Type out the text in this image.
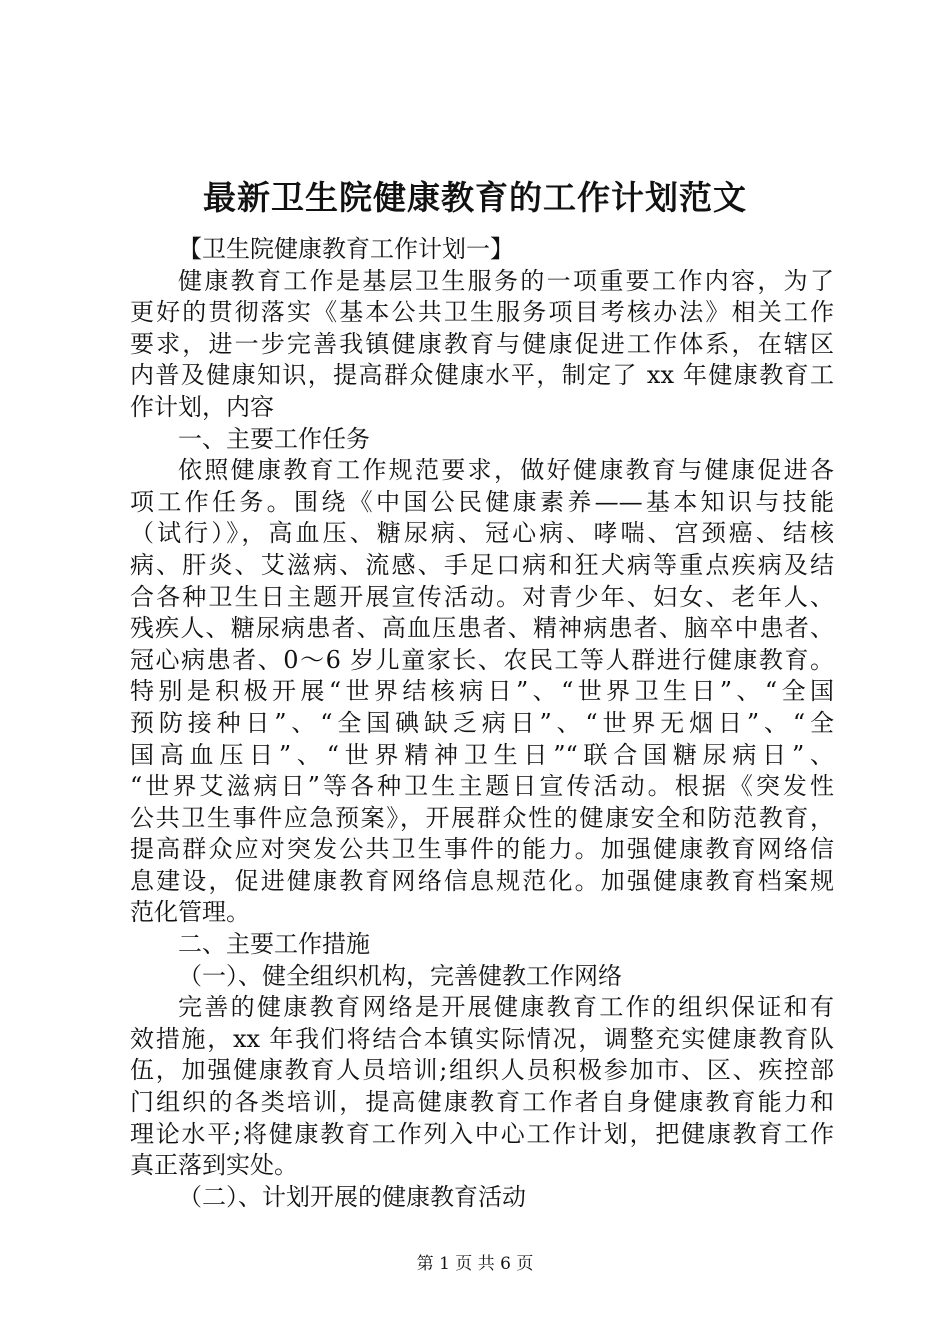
最新卫生院健康教育的工作计划范文
【卫生院健康教育工作计划一】
健康教育工作是基层卫生服务的一项重要工作内容，为了
更好的贯彻落实《基本公共卫生服务项目考核办法》相关工作
要求，进一步完善我镇健康教育与健康促进工作体系，在辖区
内普及健康知识，提高群众健康水平，制定了 xx 年健康教育工
作计划，内容
一、主要工作任务
依照健康教育工作规范要求，做好健康教育与健康促进各
项工作任务。围绕《中国公民健康素养——基本知识与技能
（试行）》，高血压、糖尿病、冠心病、哮喘、宫颈癌、结核
病、肝炎、艾滋病、流感、手足口病和狂犬病等重点疾病及结
合各种卫生日主题开展宣传活动。对青少年、妇女、老年人、
残疾人、糖尿病患者、高血压患者、精神病患者、脑卒中患者、
冠心病患者、0～6 岁儿童家长、农民工等人群进行健康教育。
特别是积极开展“世界结核病日”、“世界卫生日”、“全国
预防接种日”、“全国碘缺乏病日”、“世界无烟日”、“全
国高血压日”、“世界精神卫生日”“联合国糖尿病日”、
“世界艾滋病日”等各种卫生主题日宣传活动。根据《突发性
公共卫生事件应急预案》，开展群众性的健康安全和防范教育，
提高群众应对突发公共卫生事件的能力。加强健康教育网络信
息建设，促进健康教育网络信息规范化。加强健康教育档案规
范化管理。
二、主要工作措施
（一）、健全组织机构，完善健教工作网络
完善的健康教育网络是开展健康教育工作的组织保证和有
效措施，xx 年我们将结合本镇实际情况，调整充实健康教育队
伍，加强健康教育人员培训;组织人员积极参加市、区、疾控部
门组织的各类培训，提高健康教育工作者自身健康教育能力和
理论水平;将健康教育工作列入中心工作计划，把健康教育工作
真正落到实处。
（二）、计划开展的健康教育活动
第 1 页 共 6 页
